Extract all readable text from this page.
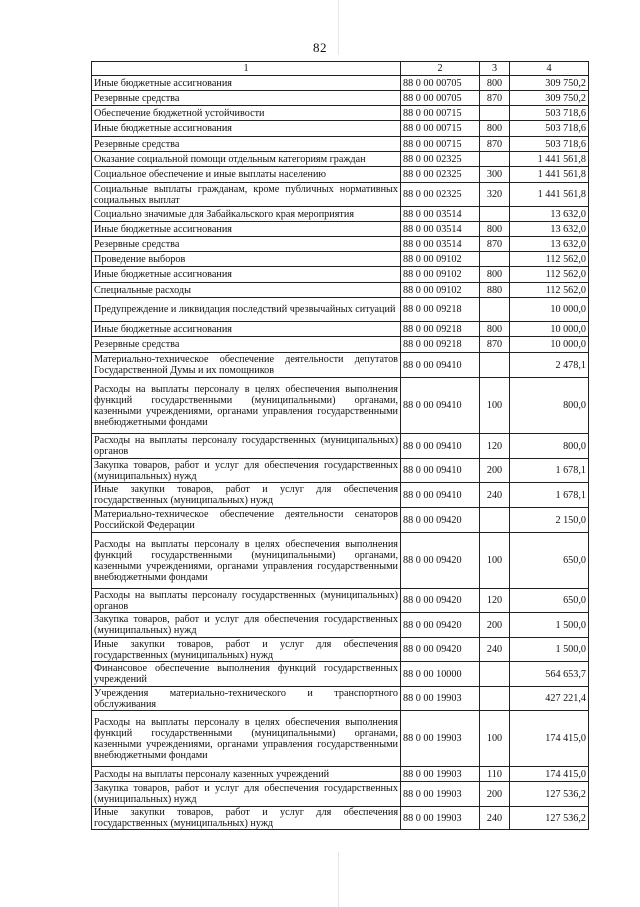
82
1	2	3	4
Иные бюджетные ассигнования	88 0 00 00705	800	309 750,2
Резервные средства	88 0 00 00705	870	309 750,2
Обеспечение бюджетной устойчивости	88 0 00 00715		503 718,6
Иные бюджетные ассигнования	88 0 00 00715	800	503 718,6
Резервные средства	88 0 00 00715	870	503 718,6
Оказание социальной помощи отдельным категориям граждан	88 0 00 02325		1 441 561,8
Социальное обеспечение и иные выплаты населению	88 0 00 02325	300	1 441 561,8
Социальные выплаты гражданам, кроме публичных нормативных социальных выплат	88 0 00 02325	320	1 441 561,8
Социально значимые для Забайкальского края мероприятия	88 0 00 03514		13 632,0
Иные бюджетные ассигнования	88 0 00 03514	800	13 632,0
Резервные средства	88 0 00 03514	870	13 632,0
Проведение выборов	88 0 00 09102		112 562,0
Иные бюджетные ассигнования	88 0 00 09102	800	112 562,0
Специальные расходы	88 0 00 09102	880	112 562,0
Предупреждение и ликвидация последствий чрезвычайных ситуаций	88 0 00 09218		10 000,0
Иные бюджетные ассигнования	88 0 00 09218	800	10 000,0
Резервные средства	88 0 00 09218	870	10 000,0
Материально-техническое обеспечение деятельности депутатов Государственной Думы и их помощников	88 0 00 09410		2 478,1
Расходы на выплаты персоналу в целях обеспечения выполнения функций государственными (муниципальными) органами, казенными учреждениями, органами управления государственными внебюджетными фондами	88 0 00 09410	100	800,0
Расходы на выплаты персоналу государственных (муниципальных) органов	88 0 00 09410	120	800,0
Закупка товаров, работ и услуг для обеспечения государственных (муниципальных) нужд	88 0 00 09410	200	1 678,1
Иные закупки товаров, работ и услуг для обеспечения государственных (муниципальных) нужд	88 0 00 09410	240	1 678,1
Материально-техническое обеспечение деятельности сенаторов Российской Федерации	88 0 00 09420		2 150,0
Расходы на выплаты персоналу в целях обеспечения выполнения функций государственными (муниципальными) органами, казенными учреждениями, органами управления государственными внебюджетными фондами	88 0 00 09420	100	650,0
Расходы на выплаты персоналу государственных (муниципальных) органов	88 0 00 09420	120	650,0
Закупка товаров, работ и услуг для обеспечения государственных (муниципальных) нужд	88 0 00 09420	200	1 500,0
Иные закупки товаров, работ и услуг для обеспечения государственных (муниципальных) нужд	88 0 00 09420	240	1 500,0
Финансовое обеспечение выполнения функций государственных учреждений	88 0 00 10000		564 653,7
Учреждения материально-технического и транспортного обслуживания	88 0 00 19903		427 221,4
Расходы на выплаты персоналу в целях обеспечения выполнения функций государственными (муниципальными) органами, казенными учреждениями, органами управления государственными внебюджетными фондами	88 0 00 19903	100	174 415,0
Расходы на выплаты персоналу казенных учреждений	88 0 00 19903	110	174 415,0
Закупка товаров, работ и услуг для обеспечения государственных (муниципальных) нужд	88 0 00 19903	200	127 536,2
Иные закупки товаров, работ и услуг для обеспечения государственных (муниципальных) нужд	88 0 00 19903	240	127 536,2
